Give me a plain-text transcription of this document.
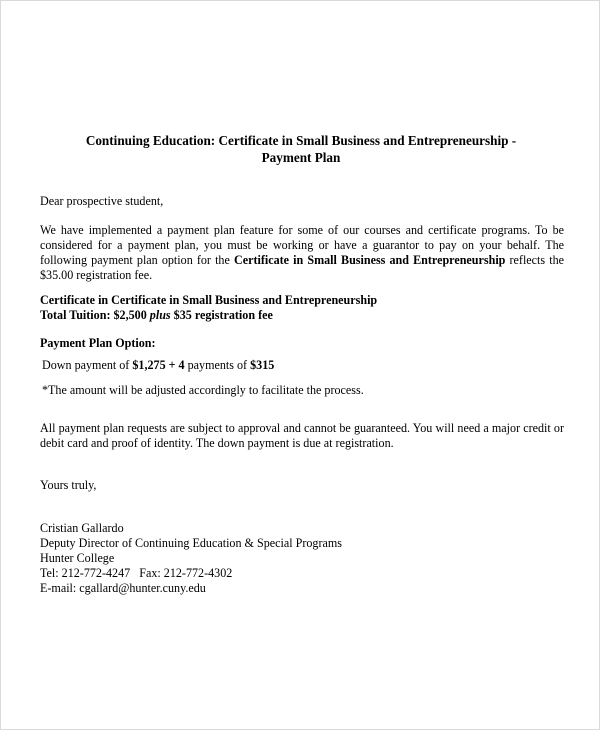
Continuing Education: Certificate in Small Business and Entrepreneurship -
Payment Plan
Dear prospective student,
We have implemented a payment plan feature for some of our courses and certificate programs. To be considered for a payment plan, you must be working or have a guarantor to pay on your behalf. The following payment plan option for the Certificate in Small Business and Entrepreneurship reflects the $35.00 registration fee.
Certificate in Certificate in Small Business and Entrepreneurship
Total Tuition: $2,500 plus $35 registration fee
Payment Plan Option:
Down payment of $1,275 + 4 payments of $315
*The amount will be adjusted accordingly to facilitate the process.
All payment plan requests are subject to approval and cannot be guaranteed. You will need a major credit or debit card and proof of identity. The down payment is due at registration.
Yours truly,
Cristian Gallardo
Deputy Director of Continuing Education & Special Programs
Hunter College
Tel: 212-772-4247   Fax: 212-772-4302
E-mail: cgallard@hunter.cuny.edu
